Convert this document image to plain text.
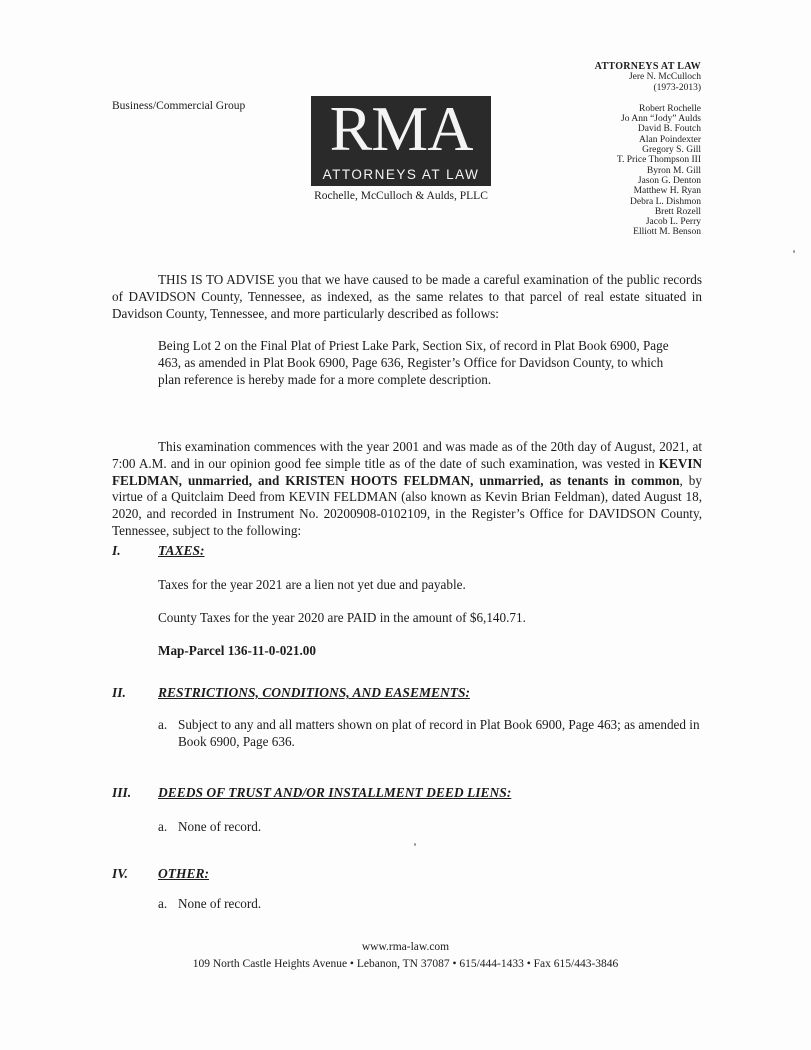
Business/Commercial Group RMA
ATTORNEYS AT LAW
Rochelle, McCulloch & Aulds, PLLC
ATTORNEYS AT LAW
Jere N. McCulloch
(1973-2013)
Robert Rochelle
Jo Ann “Jody” Aulds
David B. Foutch
Alan Poindexter
Gregory S. Gill
T. Price Thompson III
Byron M. Gill
Jason G. Denton
Matthew H. Ryan
Debra L. Dishmon
Brett Rozell
Jacob L. Perry
Elliott M. Benson

THIS IS TO ADVISE you that we have caused to be made a careful examination of the public records of DAVIDSON County, Tennessee, as indexed, as the same relates to that parcel of real estate situated in Davidson County, Tennessee, and more particularly described as follows:

Being Lot 2 on the Final Plat of Priest Lake Park, Section Six, of record in Plat Book 6900, Page 463, as amended in Plat Book 6900, Page 636, Register’s Office for Davidson County, to which plan reference is hereby made for a more complete description.

This examination commences with the year 2001 and was made as of the 20th day of August, 2021, at 7:00 A.M. and in our opinion good fee simple title as of the date of such examination, was vested in KEVIN FELDMAN, unmarried, and KRISTEN HOOTS FELDMAN, unmarried, as tenants in common, by virtue of a Quitclaim Deed from KEVIN FELDMAN (also known as Kevin Brian Feldman), dated August 18, 2020, and recorded in Instrument No. 20200908-0102109, in the Register’s Office for DAVIDSON County, Tennessee, subject to the following:

I.	TAXES:
Taxes for the year 2021 are a lien not yet due and payable.
County Taxes for the year 2020 are PAID in the amount of $6,140.71.
Map-Parcel 136-11-0-021.00
II. RESTRICTIONS, CONDITIONS, AND EASEMENTS:
a. Subject to any and all matters shown on plat of record in Plat Book 6900, Page 463; as amended in Book 6900, Page 636.

III. DEEDS OF TRUST AND/OR INSTALLMENT DEED LIENS:
a. None of record.
IV. OTHER:
a. None of record.
www.rma-law.com
109 North Castle Heights Avenue • Lebanon, TN 37087 • 615/444-1433 • Fax 615/443-3846
